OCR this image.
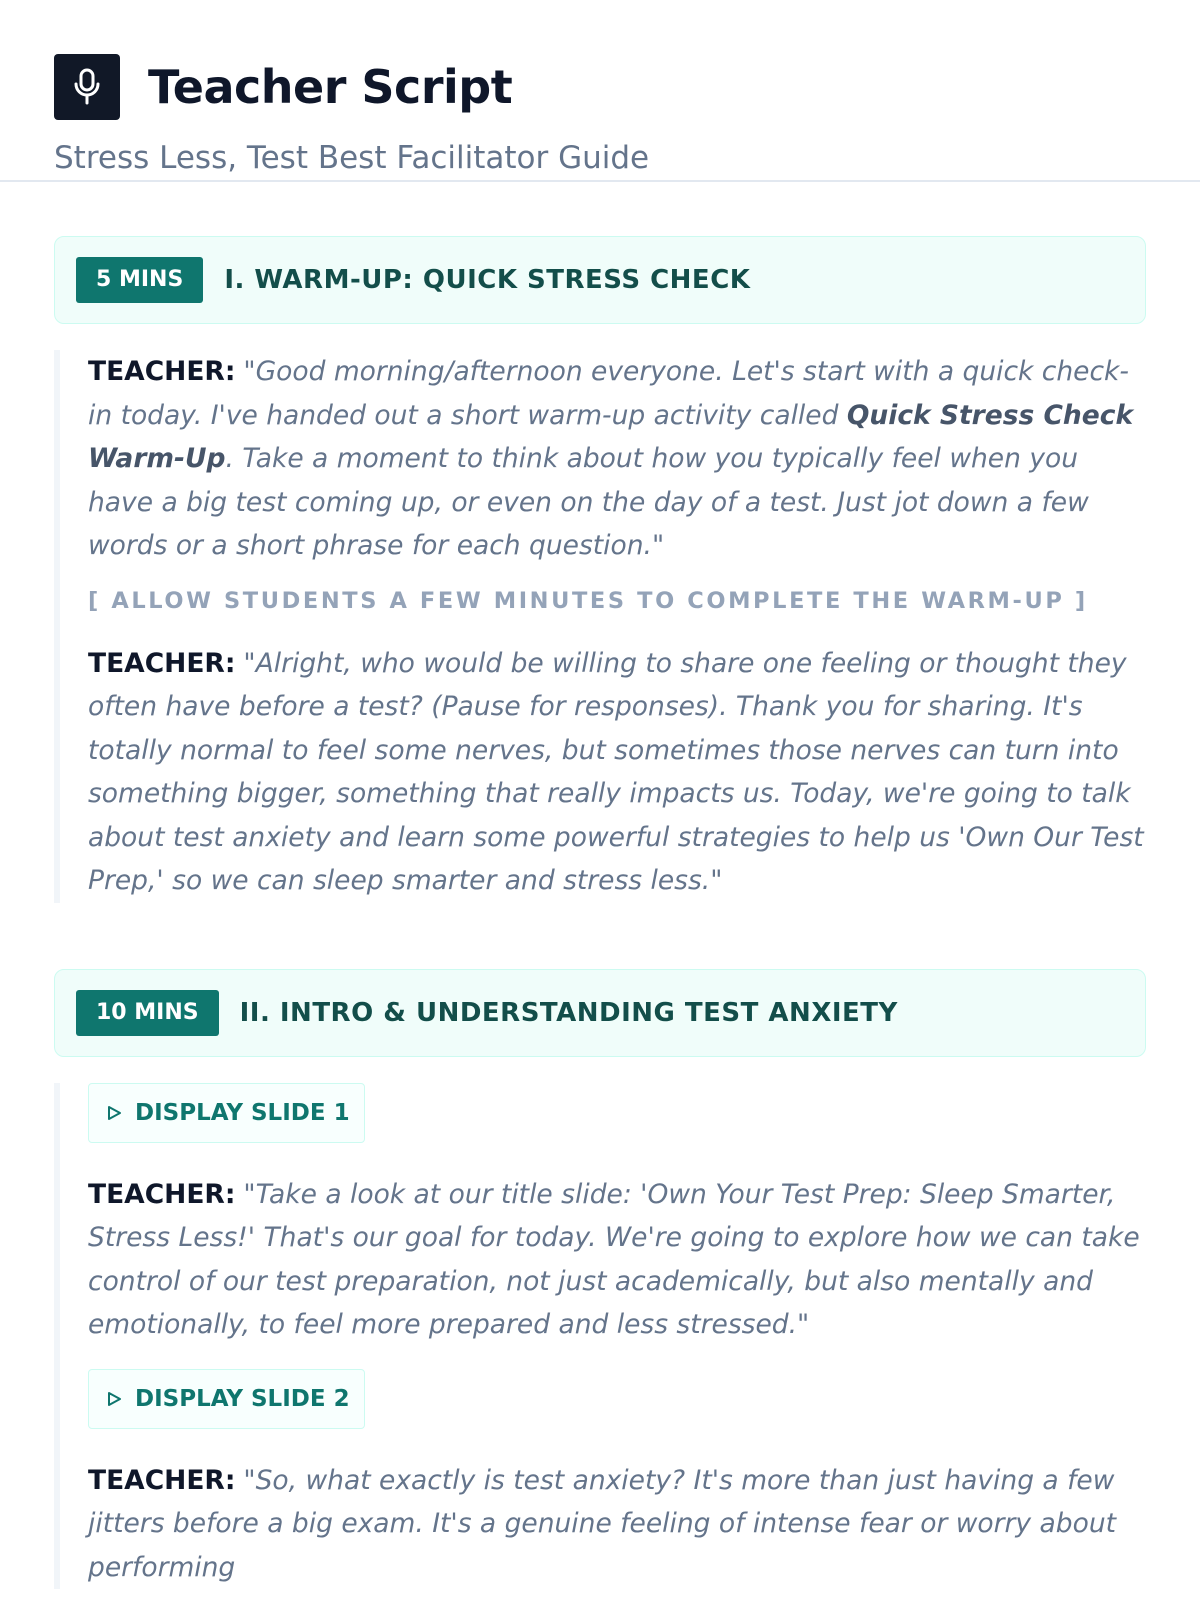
Teacher Script
Stress Less, Test Best Facilitator Guide
5 MINS	I. WARM-UP: QUICK STRESS CHECK

TEACHER: "Good morning/afternoon everyone. Let's start with a quick check-in today. I've handed out a short warm-up activity called Quick Stress Check Warm-Up. Take a moment to think about how you typically feel when you have a big test coming up, or even on the day of a test. Just jot down a few words or a short phrase for each question."

[ ALLOW STUDENTS A FEW MINUTES TO COMPLETE THE WARM-UP ]

TEACHER: "Alright, who would be willing to share one feeling or thought they often have before a test? (Pause for responses). Thank you for sharing. It's totally normal to feel some nerves, but sometimes those nerves can turn into something bigger, something that really impacts us. Today, we're going to talk about test anxiety and learn some powerful strategies to help us 'Own Our Test Prep,' so we can sleep smarter and stress less."

10 MINS	II. INTRO & UNDERSTANDING TEST ANXIETY
DISPLAY SLIDE 1

TEACHER: "Take a look at our title slide: 'Own Your Test Prep: Sleep Smarter, Stress Less!' That's our goal for today. We're going to explore how we can take control of our test preparation, not just academically, but also mentally and emotionally, to feel more prepared and less stressed."

DISPLAY SLIDE 2

TEACHER: "So, what exactly is test anxiety? It's more than just having a few jitters before a big exam. It's a genuine feeling of intense fear or worry about performing
